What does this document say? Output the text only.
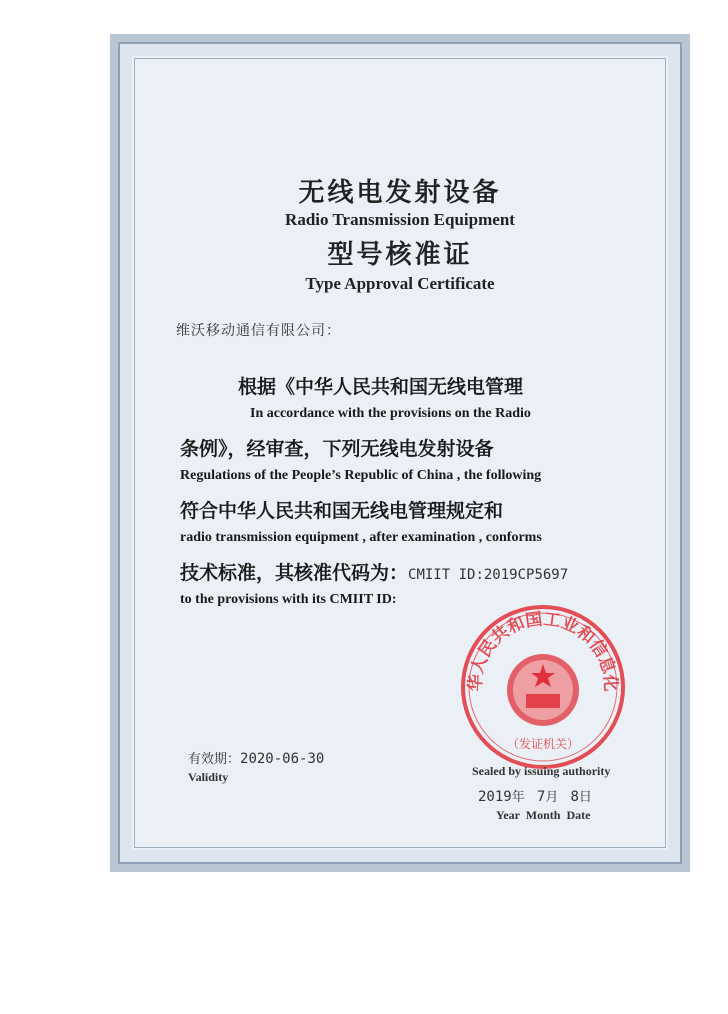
无线电发射设备
Radio Transmission Equipment
型号核准证
Type Approval Certificate
维沃移动通信有限公司：
根据《中华人民共和国无线电管理
In accordance with the provisions on the Radio
条例》，经审查，下列无线电发射设备
Regulations of the People’s Republic of China , the following
符合中华人民共和国无线电管理规定和
radio transmission equipment , after examination , conforms
技术标准，其核准代码为：CMIIT ID:2019CP5697
to the provisions with its CMIIT ID:
华人民共和国工业和信息化
（发证机关）
有效期：2020-06-30
Validity	Sealed by issuing authority
2019年 7月 8日
Year  Month  Date
